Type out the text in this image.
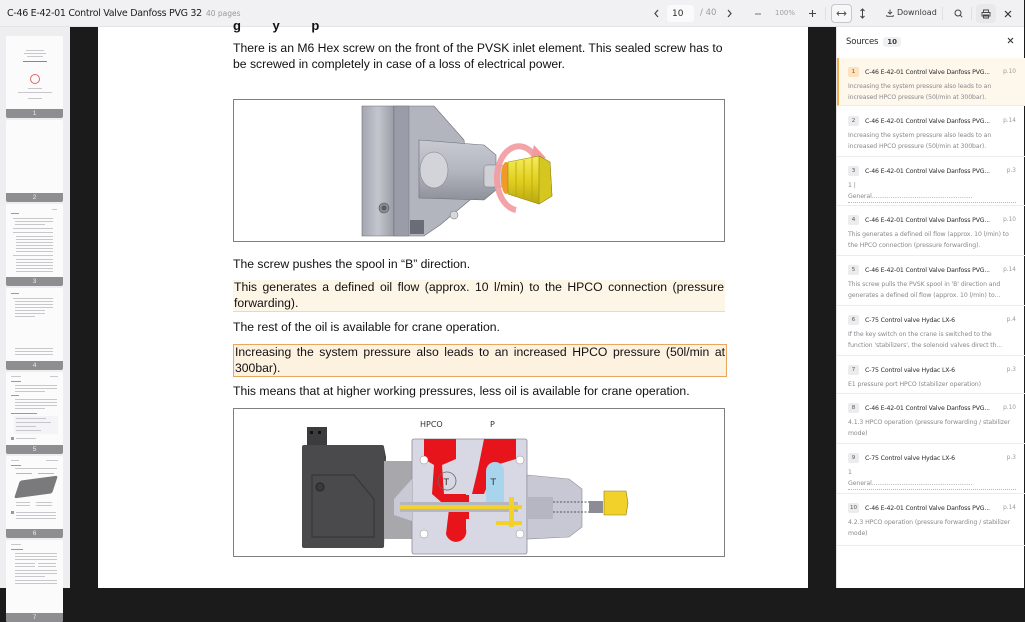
C-46 E-42-01 Control Valve Danfoss PVG 32 40 pages	10	/ 40	100%	Download
1
2
3
4
5
6
7
g y p
There is an M6 Hex screw on the front of the PVSK inlet element. This sealed screw has to be screwed in completely in case of a loss of electrical power.
The screw pushes the spool in “B” direction.
This generates a defined oil flow (approx. 10 l/min) to the HPCO connection (pressure forwarding).
The rest of the oil is available for crane operation.
Increasing the system pressure also leads to an increased HPCO pressure (50l/min at 300bar).
This means that at higher working pressures, less oil is available for crane operation.
T	T
HPCO	P
Sources	10
1	C-46 E-42-01 Control Valve Danfoss PVG...	p.10
Increasing the system pressure also leads to an increased HPCO pressure (50l/min at 300bar).
2	C-46 E-42-01 Control Valve Danfoss PVG...	p.14
Increasing the system pressure also leads to an increased HPCO pressure (50l/min at 300bar).
3	C-46 E-42-01 Control Valve Danfoss PVG...	p.3
1 |
General......................................................
4	C-46 E-42-01 Control Valve Danfoss PVG...	p.10
This generates a defined oil flow (approx. 10 l/min) to the HPCO connection (pressure forwarding).
5	C-46 E-42-01 Control Valve Danfoss PVG...	p.14
This screw pulls the PVSK spool in 'B' direction and generates a defined oil flow (approx. 10 l/min) to...
6	C-75 Control valve Hydac LX-6	p.4
If the key switch on the crane is switched to the function 'stabilizers', the solenoid valves direct th...
7	C-75 Control valve Hydac LX-6	p.3
E1 pressure port HPCO (stabilizer operation)
8	C-46 E-42-01 Control Valve Danfoss PVG...	p.10
4.1.3 HPCO operation (pressure forwarding / stabilizer mode)
9	C-75 Control valve Hydac LX-6	p.3
1
General......................................................
10	C-46 E-42-01 Control Valve Danfoss PVG...	p.14
4.2.3 HPCO operation (pressure forwarding / stabilizer mode)
